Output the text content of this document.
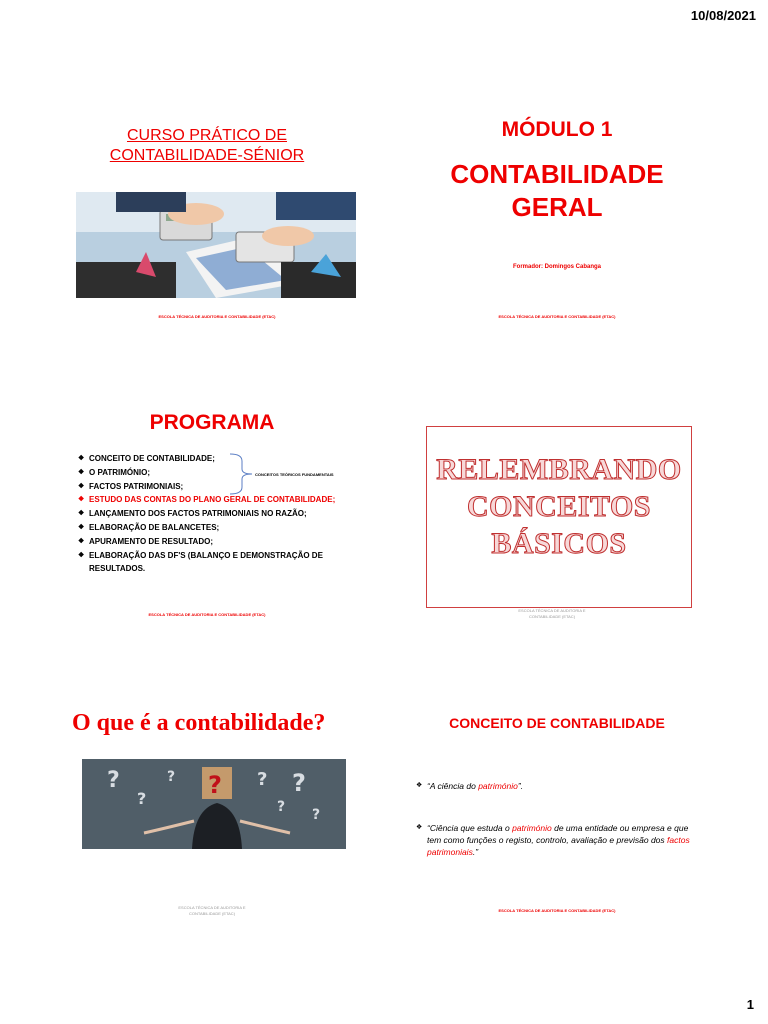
10/08/2021
CURSO PRÁTICO DE
CONTABILIDADE-SÉNIOR
ESCOLA TÉCNICA DE AUDITORIA E CONTABILIDADE (ETAC)
MÓDULO 1
CONTABILIDADE
GERAL
Formador: Domingos Cabanga
ESCOLA TÉCNICA DE AUDITORIA E CONTABILIDADE (ETAC)
PROGRAMA
❖ CONCEITO DE CONTABILIDADE;
❖ O PATRIMÓNIO;
❖ FACTOS PATRIMONIAIS;
❖ ESTUDO DAS CONTAS DO PLANO GERAL DE CONTABILIDADE;
❖ LANÇAMENTO DOS FACTOS PATRIMONIAIS NO RAZÃO;
❖ ELABORAÇÃO DE BALANCETES;
❖ APURAMENTO DE RESULTADO;
❖ ELABORAÇÃO DAS DF'S (BALANÇO E DEMONSTRAÇÃO DE RESULTADOS.
CONCEITOS TEÓRICOS FUNDAMENTAIS
ESCOLA TÉCNICA DE AUDITORIA E CONTABILIDADE (ETAC)
RELEMBRANDO
CONCEITOS
BÁSICOS
ESCOLA TÉCNICA DE AUDITORIA E
CONTABILIDADE (ETAC)
O que é a contabilidade?
?
?
?	? ?
? ?
?
ESCOLA TÉCNICA DE AUDITORIA E
CONTABILIDADE (ETAC)
CONCEITO DE CONTABILIDADE
❖ “A ciência do património”.
❖ “Ciência que estuda o património de uma entidade ou empresa e que tem como funções o registo, controlo, avaliação e previsão dos factos patrimoniais.”
ESCOLA TÉCNICA DE AUDITORIA E CONTABILIDADE (ETAC)
1
